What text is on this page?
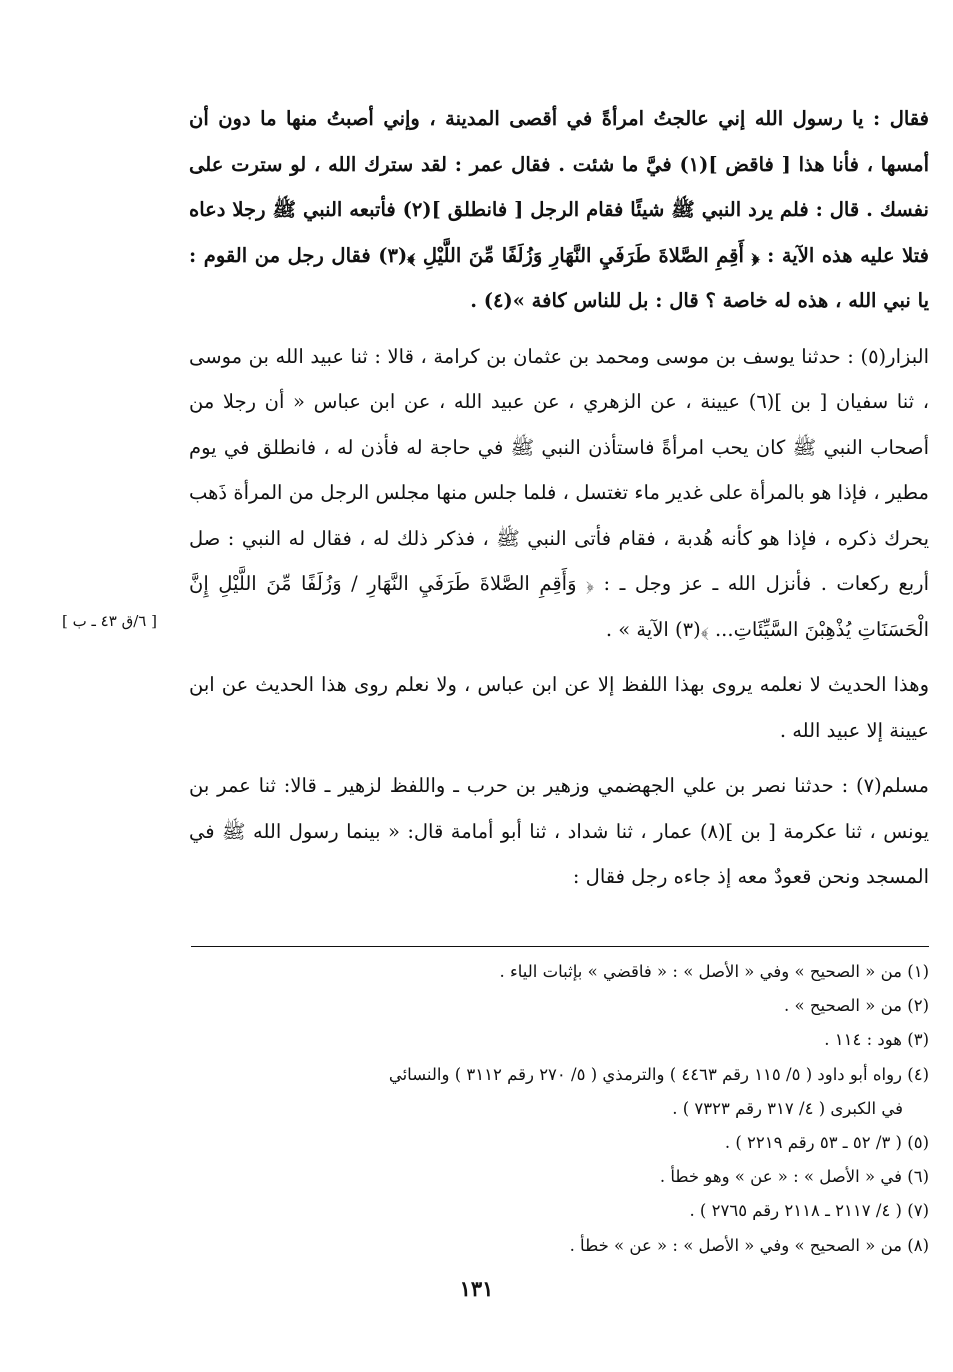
فقال : يا رسول الله إني عالجتُ امرأةً في أقصى المدينة ، وإني أصبتُ منها ما دون أن أمسها ، فأنا هذا [ فاقض ](١) فيَّ ما شئت . فقال عمر : لقد سترك الله ، لو سترت على نفسك . قال : فلم يرد النبي ﷺ شيئًا فقام الرجل [ فانطلق ](٢) فأتبعه النبي ﷺ رجلا دعاه فتلا عليه هذه الآية : ﴿ أَقِمِ الصَّلاةَ طَرَفَيِ النَّهَارِ وَزُلَفًا مِّنَ اللَّيْلِ ﴾(٣) فقال رجل من القوم : يا نبي الله ، هذه له خاصة ؟ قال : بل للناس كافة »(٤) .

البزار(٥) : حدثنا يوسف بن موسى ومحمد بن عثمان بن كرامة ، قالا : ثنا عبيد الله بن موسى ، ثنا سفيان [ بن ](٦) عيينة ، عن الزهري ، عن عبيد الله ، عن ابن عباس « أن رجلا من أصحاب النبي ﷺ كان يحب امرأةً فاستأذن النبي ﷺ في حاجة له فأذن له ، فانطلق في يوم مطير ، فإذا هو بالمرأة على غدير ماء تغتسل ، فلما جلس منها مجلس الرجل من المرأة ذَهب يحرك ذكره ، فإذا هو كأنه هُدبة ، فقام فأتى النبي ﷺ ، فذكر ذلك له ، فقال له النبي : صل أربع ركعات . فأنزل الله ـ عز وجل ـ : ﴿ وَأَقِمِ الصَّلاةَ طَرَفَيِ النَّهَارِ / وَزُلَفًا مِّنَ اللَّيْلِ إِنَّ الْحَسَنَاتِ يُذْهِبْنَ السَّيِّئَاتِ... ﴾(٣) الآية » .

وهذا الحديث لا نعلمه يروى بهذا اللفظ إلا عن ابن عباس ، ولا نعلم روى هذا الحديث عن ابن عيينة إلا عبيد الله .

مسلم(٧) : حدثنا نصر بن علي الجهضمي وزهير بن حرب ـ واللفظ لزهير ـ قالا: ثنا عمر بن يونس ، ثنا عكرمة [ بن ](٨) عمار ، ثنا شداد ، ثنا أبو أمامة قال: « بينما رسول الله ﷺ في المسجد ونحن قعودٌ معه إذ جاءه رجل فقال :

[ ٦/ق ٤٣ ـ ب ]

(١) من « الصحيح » وفي « الأصل » : « فاقضي » بإثبات الياء .

(٢) من « الصحيح » .

(٣) هود : ١١٤ .

(٤) رواه أبو داود ( ٥/ ١١٥ رقم ٤٤٦٣ ) والترمذي ( ٥/ ٢٧٠ رقم ٣١١٢ ) والنسائي

في الكبرى ( ٤/ ٣١٧ رقم ٧٣٢٣ ) .

(٥) ( ٣/ ٥٢ ـ ٥٣ رقم ٢٢١٩ ) .

(٦) في « الأصل » : « عن » وهو خطأ .

(٧) ( ٤/ ٢١١٧ ـ ٢١١٨ رقم ٢٧٦٥ ) .

(٨) من « الصحيح » وفي « الأصل » : « عن » خطأ .

١٣١
